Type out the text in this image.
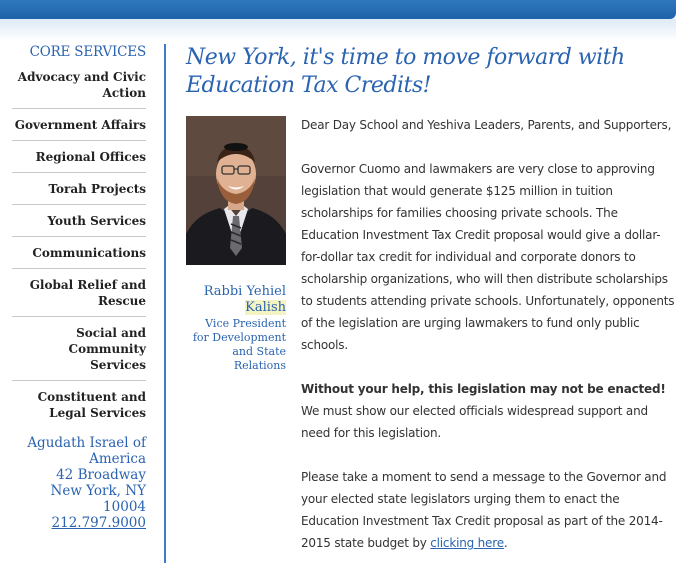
CORE SERVICES
Advocacy and Civic Action
Government Affairs
Regional Offices
Torah Projects
Youth Services
Communications
Global Relief and Rescue
Social and Community Services
Constituent and Legal Services
Agudath Israel of America
42 Broadway
New York, NY 10004
212.797.9000
New York, it's time to move forward with Education Tax Credits!
Rabbi Yehiel
Kalish
Vice President for Development and State Relations

Dear Day School and Yeshiva Leaders, Parents, and Supporters,

Governor Cuomo and lawmakers are very close to approving legislation that would generate $125 million in tuition scholarships for families choosing private schools. The Education Investment Tax Credit proposal would give a dollar-for-dollar tax credit for individual and corporate donors to scholarship organizations, who will then distribute scholarships to students attending private schools. Unfortunately, opponents of the legislation are urging lawmakers to fund only public schools.

Without your help, this legislation may not be enacted! We must show our elected officials widespread support and need for this legislation.

Please take a moment to send a message to the Governor and your elected state legislators urging them to enact the Education Investment Tax Credit proposal as part of the 2014-2015 state budget by clicking here.
